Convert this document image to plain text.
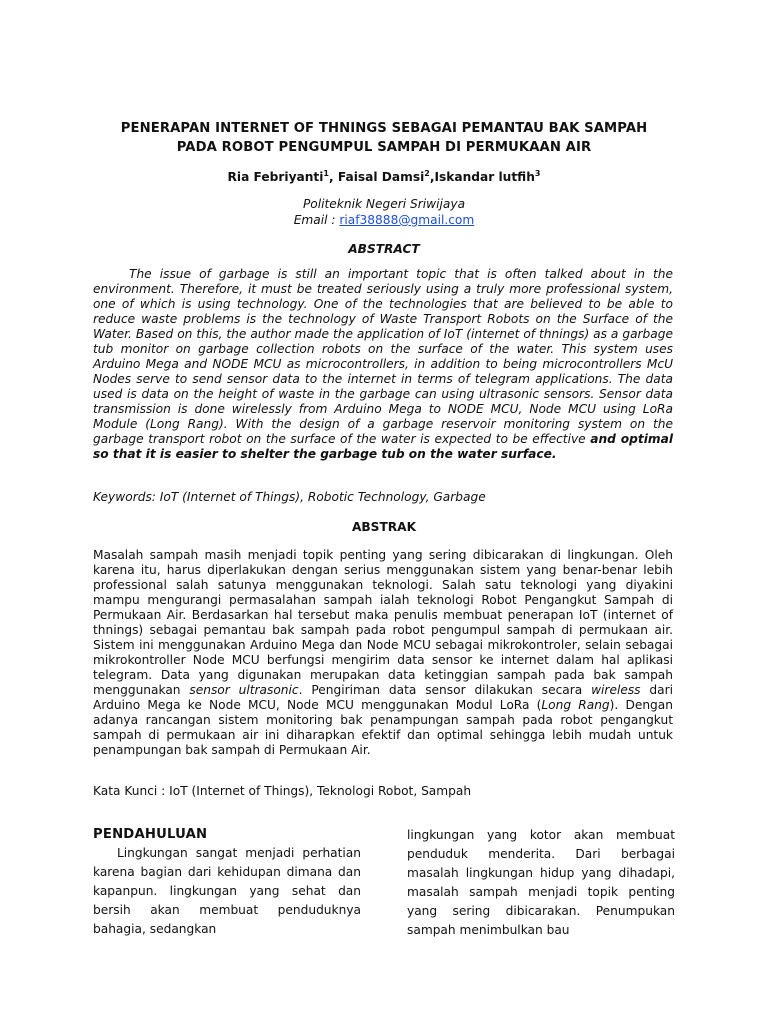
PENERAPAN INTERNET OF THNINGS SEBAGAI PEMANTAU BAK SAMPAH
PADA ROBOT PENGUMPUL SAMPAH DI PERMUKAAN AIR
Ria Febriyanti$^1$, Faisal Damsi$^2$,Iskandar lutfih$^3$
Politeknik Negeri Sriwijaya
Email : riaf38888@gmail.com
ABSTRACT
The issue of garbage is still an important topic that is often talked about in the environment. Therefore, it must be treated seriously using a truly more professional system, one of which is using technology. One of the technologies that are believed to be able to reduce waste problems is the technology of Waste Transport Robots on the Surface of the Water. Based on this, the author made the application of IoT (internet of thnings) as a garbage tub monitor on garbage collection robots on the surface of the water. This system uses Arduino Mega and NODE MCU as microcontrollers, in addition to being microcontrollers McU Nodes serve to send sensor data to the internet in terms of telegram applications. The data used is data on the height of waste in the garbage can using ultrasonic sensors. Sensor data transmission is done wirelessly from Arduino Mega to NODE MCU, Node MCU using LoRa Module (Long Rang). With the design of a garbage reservoir monitoring system on the garbage transport robot on the surface of the water is expected to be effective and optimal so that it is easier to shelter the garbage tub on the water surface.
Keywords: IoT (Internet of Things), Robotic Technology, Garbage
ABSTRAK
Masalah sampah masih menjadi topik penting yang sering dibicarakan di lingkungan. Oleh karena itu, harus diperlakukan dengan serius menggunakan sistem yang benar-benar lebih professional salah satunya menggunakan teknologi. Salah satu teknologi yang diyakini mampu mengurangi permasalahan sampah ialah teknologi Robot Pengangkut Sampah di Permukaan Air. Berdasarkan hal tersebut maka penulis membuat penerapan IoT (internet of thnings) sebagai pemantau bak sampah pada robot pengumpul sampah di permukaan air. Sistem ini menggunakan Arduino Mega dan Node MCU sebagai mikrokontroler, selain sebagai mikrokontroller Node MCU berfungsi mengirim data sensor ke internet dalam hal aplikasi telegram. Data yang digunakan merupakan data ketinggian sampah pada bak sampah menggunakan sensor ultrasonic. Pengiriman data sensor dilakukan secara wireless dari Arduino Mega ke Node MCU, Node MCU menggunakan Modul LoRa (Long Rang). Dengan adanya rancangan sistem monitoring bak penampungan sampah pada robot pengangkut sampah di permukaan air ini diharapkan efektif dan optimal sehingga lebih mudah untuk penampungan bak sampah di Permukaan Air.
Kata Kunci : IoT (Internet of Things), Teknologi Robot, Sampah
PENDAHULUAN

Lingkungan sangat menjadi perhatian karena bagian dari kehidupan dimana dan kapanpun. lingkungan yang sehat dan bersih akan membuat penduduknya bahagia, sedangkan

lingkungan yang kotor akan membuat penduduk menderita. Dari berbagai masalah lingkungan hidup yang dihadapi, masalah sampah menjadi topik penting yang sering dibicarakan. Penumpukan sampah menimbulkan bau
